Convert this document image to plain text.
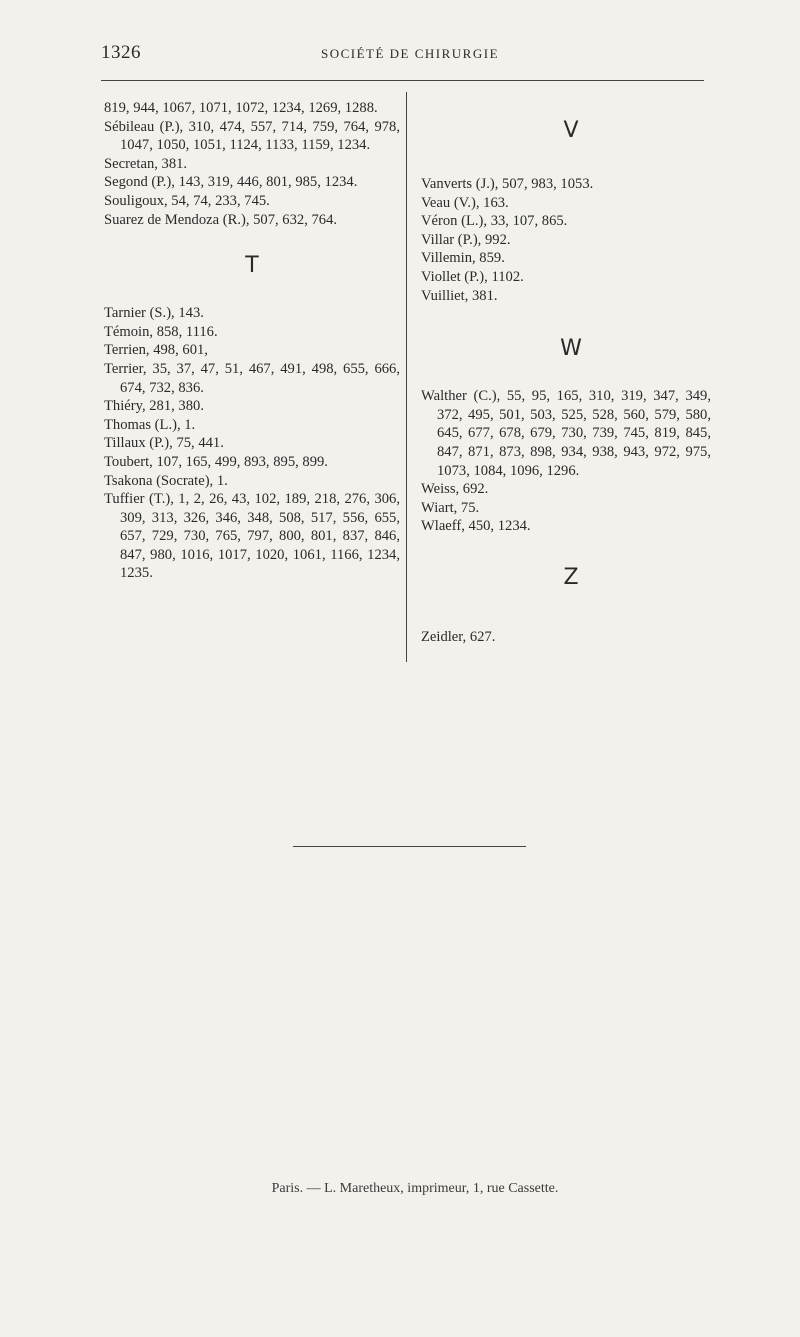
1326	SOCIÉTÉ DE CHIRURGIE
819, 944, 1067, 1071, 1072, 1234, 1269, 1288.
Sébileau (P.), 310, 474, 557, 714, 759, 764, 978, 1047, 1050, 1051, 1124, 1133, 1159, 1234.
Secretan, 381.
Segond (P.), 143, 319, 446, 801, 985, 1234.
Souligoux, 54, 74, 233, 745.
Suarez de Mendoza (R.), 507, 632, 764.
T
Tarnier (S.), 143.
Témoin, 858, 1116.
Terrien, 498, 601,
Terrier, 35, 37, 47, 51, 467, 491, 498, 655, 666, 674, 732, 836.
Thiéry, 281, 380.
Thomas (L.), 1.
Tillaux (P.), 75, 441.
Toubert, 107, 165, 499, 893, 895, 899.
Tsakona (Socrate), 1.
Tuffier (T.), 1, 2, 26, 43, 102, 189, 218, 276, 306, 309, 313, 326, 346, 348, 508, 517, 556, 655, 657, 729, 730, 765, 797, 800, 801, 837, 846, 847, 980, 1016, 1017, 1020, 1061, 1166, 1234, 1235.
V
Vanverts (J.), 507, 983, 1053.
Veau (V.), 163.
Véron (L.), 33, 107, 865.
Villar (P.), 992.
Villemin, 859.
Viollet (P.), 1102.
Vuilliet, 381.
W
Walther (C.), 55, 95, 165, 310, 319, 347, 349, 372, 495, 501, 503, 525, 528, 560, 579, 580, 645, 677, 678, 679, 730, 739, 745, 819, 845, 847, 871, 873, 898, 934, 938, 943, 972, 975, 1073, 1084, 1096, 1296.
Weiss, 692.
Wiart, 75.
Wlaeff, 450, 1234.
Z
Zeidler, 627.
Paris. — L. Maretheux, imprimeur, 1, rue Cassette.
